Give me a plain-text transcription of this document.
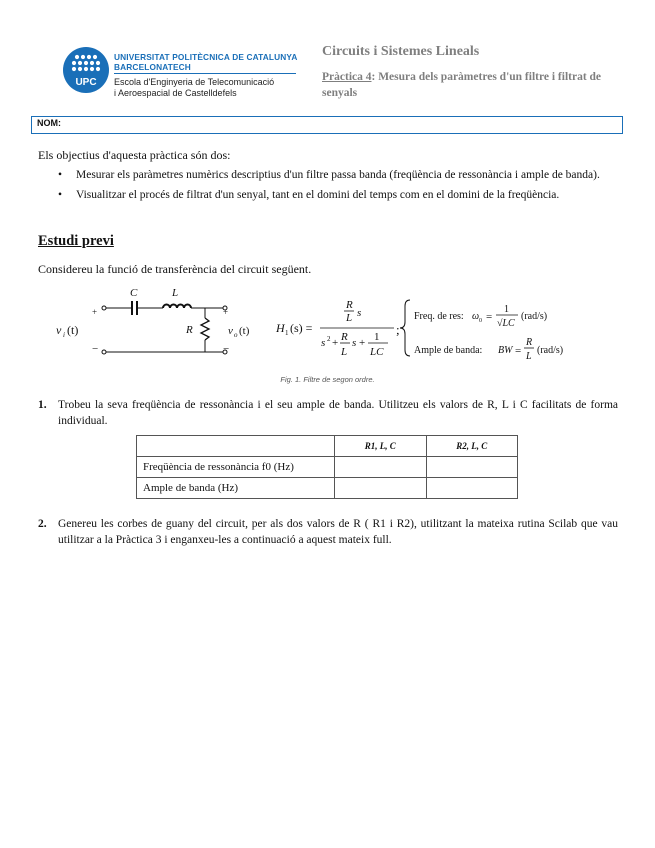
UPC
UNIVERSITAT POLITÈCNICA DE CATALUNYA
BARCELONATECH
Escola d'Enginyeria de Telecomunicació
i Aeroespacial de Castelldefels
Circuits i Sistemes Lineals
Pràctica 4: Mesura dels paràmetres d'un filtre i filtrat de senyals
NOM:
Els objectius d'aquesta pràctica són dos:
• Mesurar els paràmetres numèrics descriptius d'un filtre passa banda (freqüència de ressonància i ample de banda).
• Visualitzar el procés de filtrat d'un senyal, tant en el domini del temps com en el domini de la freqüència.
Estudi previ
Considereu la funció de transferència del circuit següent.
C	L
R
+
−
+
−
v o (t)
v i (t)	H 1 (s) =
R
L s
s 2 + R
L
s + 1
LC
;
Freq. de res: ω 0 =
1
√LC
(rad/s)
Ample de banda: BW =
R
L
(rad/s)
Fig. 1. Filtre de segon ordre.
1. Trobeu la seva freqüència de ressonància i el seu ample de banda. Utilitzeu els valors de R, L i C facilitats de forma individual.
	R1, L, C	R2, L, C
Freqüència de ressonància f0 (Hz)		
Ample de banda (Hz)		
2. Genereu les corbes de guany del circuit, per als dos valors de R ( R1 i R2), utilitzant la mateixa rutina Scilab que vau utilitzar a la Pràctica 3 i enganxeu-les a continuació a aquest mateix full.
